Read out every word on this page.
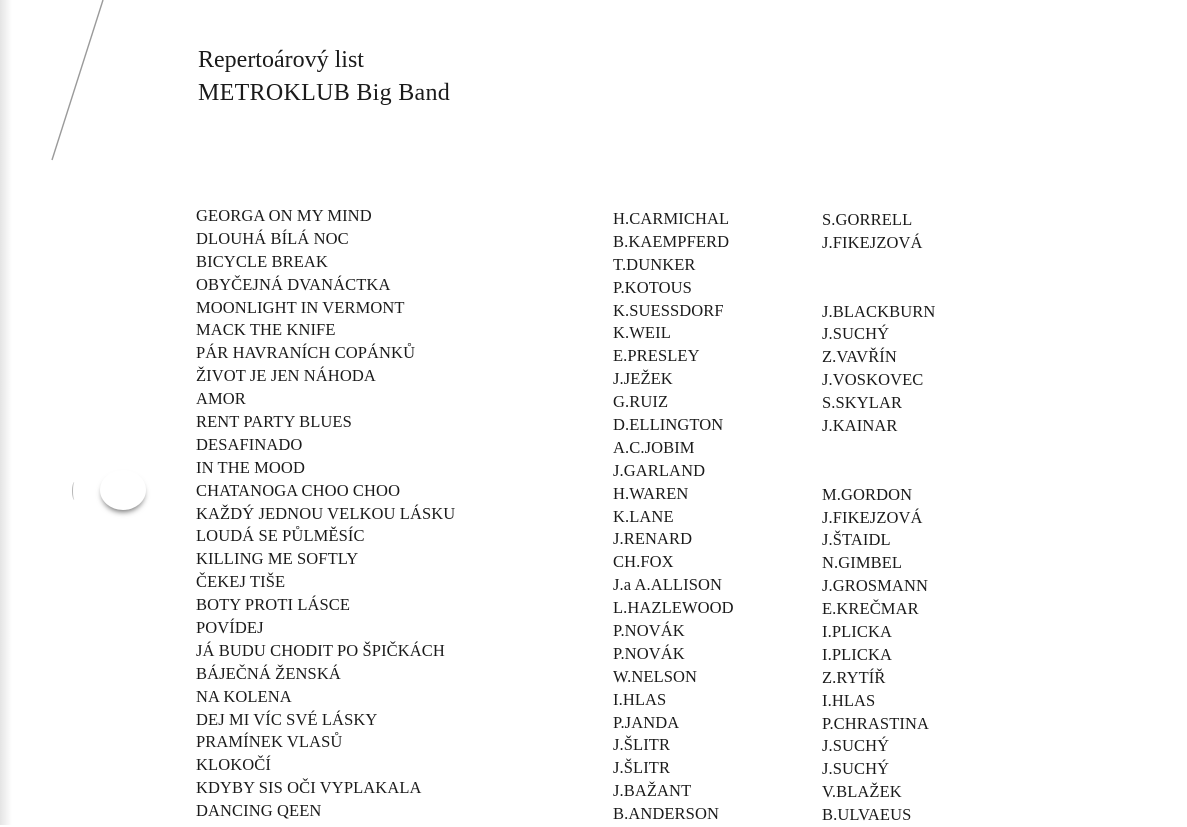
Repertoárový list
METROKLUB Big Band
GEORGA ON MY MIND	H.CARMICHAL	S.GORRELL
DLOUHÁ BÍLÁ NOC	B.KAEMPFERD	J.FIKEJZOVÁ
BICYCLE BREAK	T.DUNKER
OBYČEJNÁ DVANÁCTKA	P.KOTOUS
MOONLIGHT IN VERMONT	K.SUESSDORF	J.BLACKBURN
MACK THE KNIFE	K.WEIL	J.SUCHÝ
PÁR HAVRANÍCH COPÁNKŮ	E.PRESLEY	Z.VAVŘÍN
ŽIVOT JE JEN NÁHODA	J.JEŽEK	J.VOSKOVEC
AMOR	G.RUIZ	S.SKYLAR
RENT PARTY BLUES	D.ELLINGTON	J.KAINAR
DESAFINADO	A.C.JOBIM
IN THE MOOD	J.GARLAND
CHATANOGA CHOO CHOO	H.WAREN	M.GORDON
KAŽDÝ JEDNOU VELKOU LÁSKU	K.LANE	J.FIKEJZOVÁ
LOUDÁ SE PŮLMĚSÍC	J.RENARD	J.ŠTAIDL
KILLING ME SOFTLY	CH.FOX	N.GIMBEL
ČEKEJ TIŠE	J.a A.ALLISON	J.GROSMANN
BOTY PROTI LÁSCE	L.HAZLEWOOD	E.KREČMAR
POVÍDEJ	P.NOVÁK	I.PLICKA
JÁ BUDU CHODIT PO ŠPIČKÁCH	P.NOVÁK	I.PLICKA
BÁJEČNÁ ŽENSKÁ	W.NELSON	Z.RYTÍŘ
NA KOLENA	I.HLAS	I.HLAS
DEJ MI VÍC SVÉ LÁSKY	P.JANDA	P.CHRASTINA
PRAMÍNEK VLASŮ	J.ŠLITR	J.SUCHÝ
KLOKOČÍ	J.ŠLITR	J.SUCHÝ
KDYBY SIS OČI VYPLAKALA	J.BAŽANT	V.BLAŽEK
DANCING QEEN	B.ANDERSON	B.ULVAEUS
